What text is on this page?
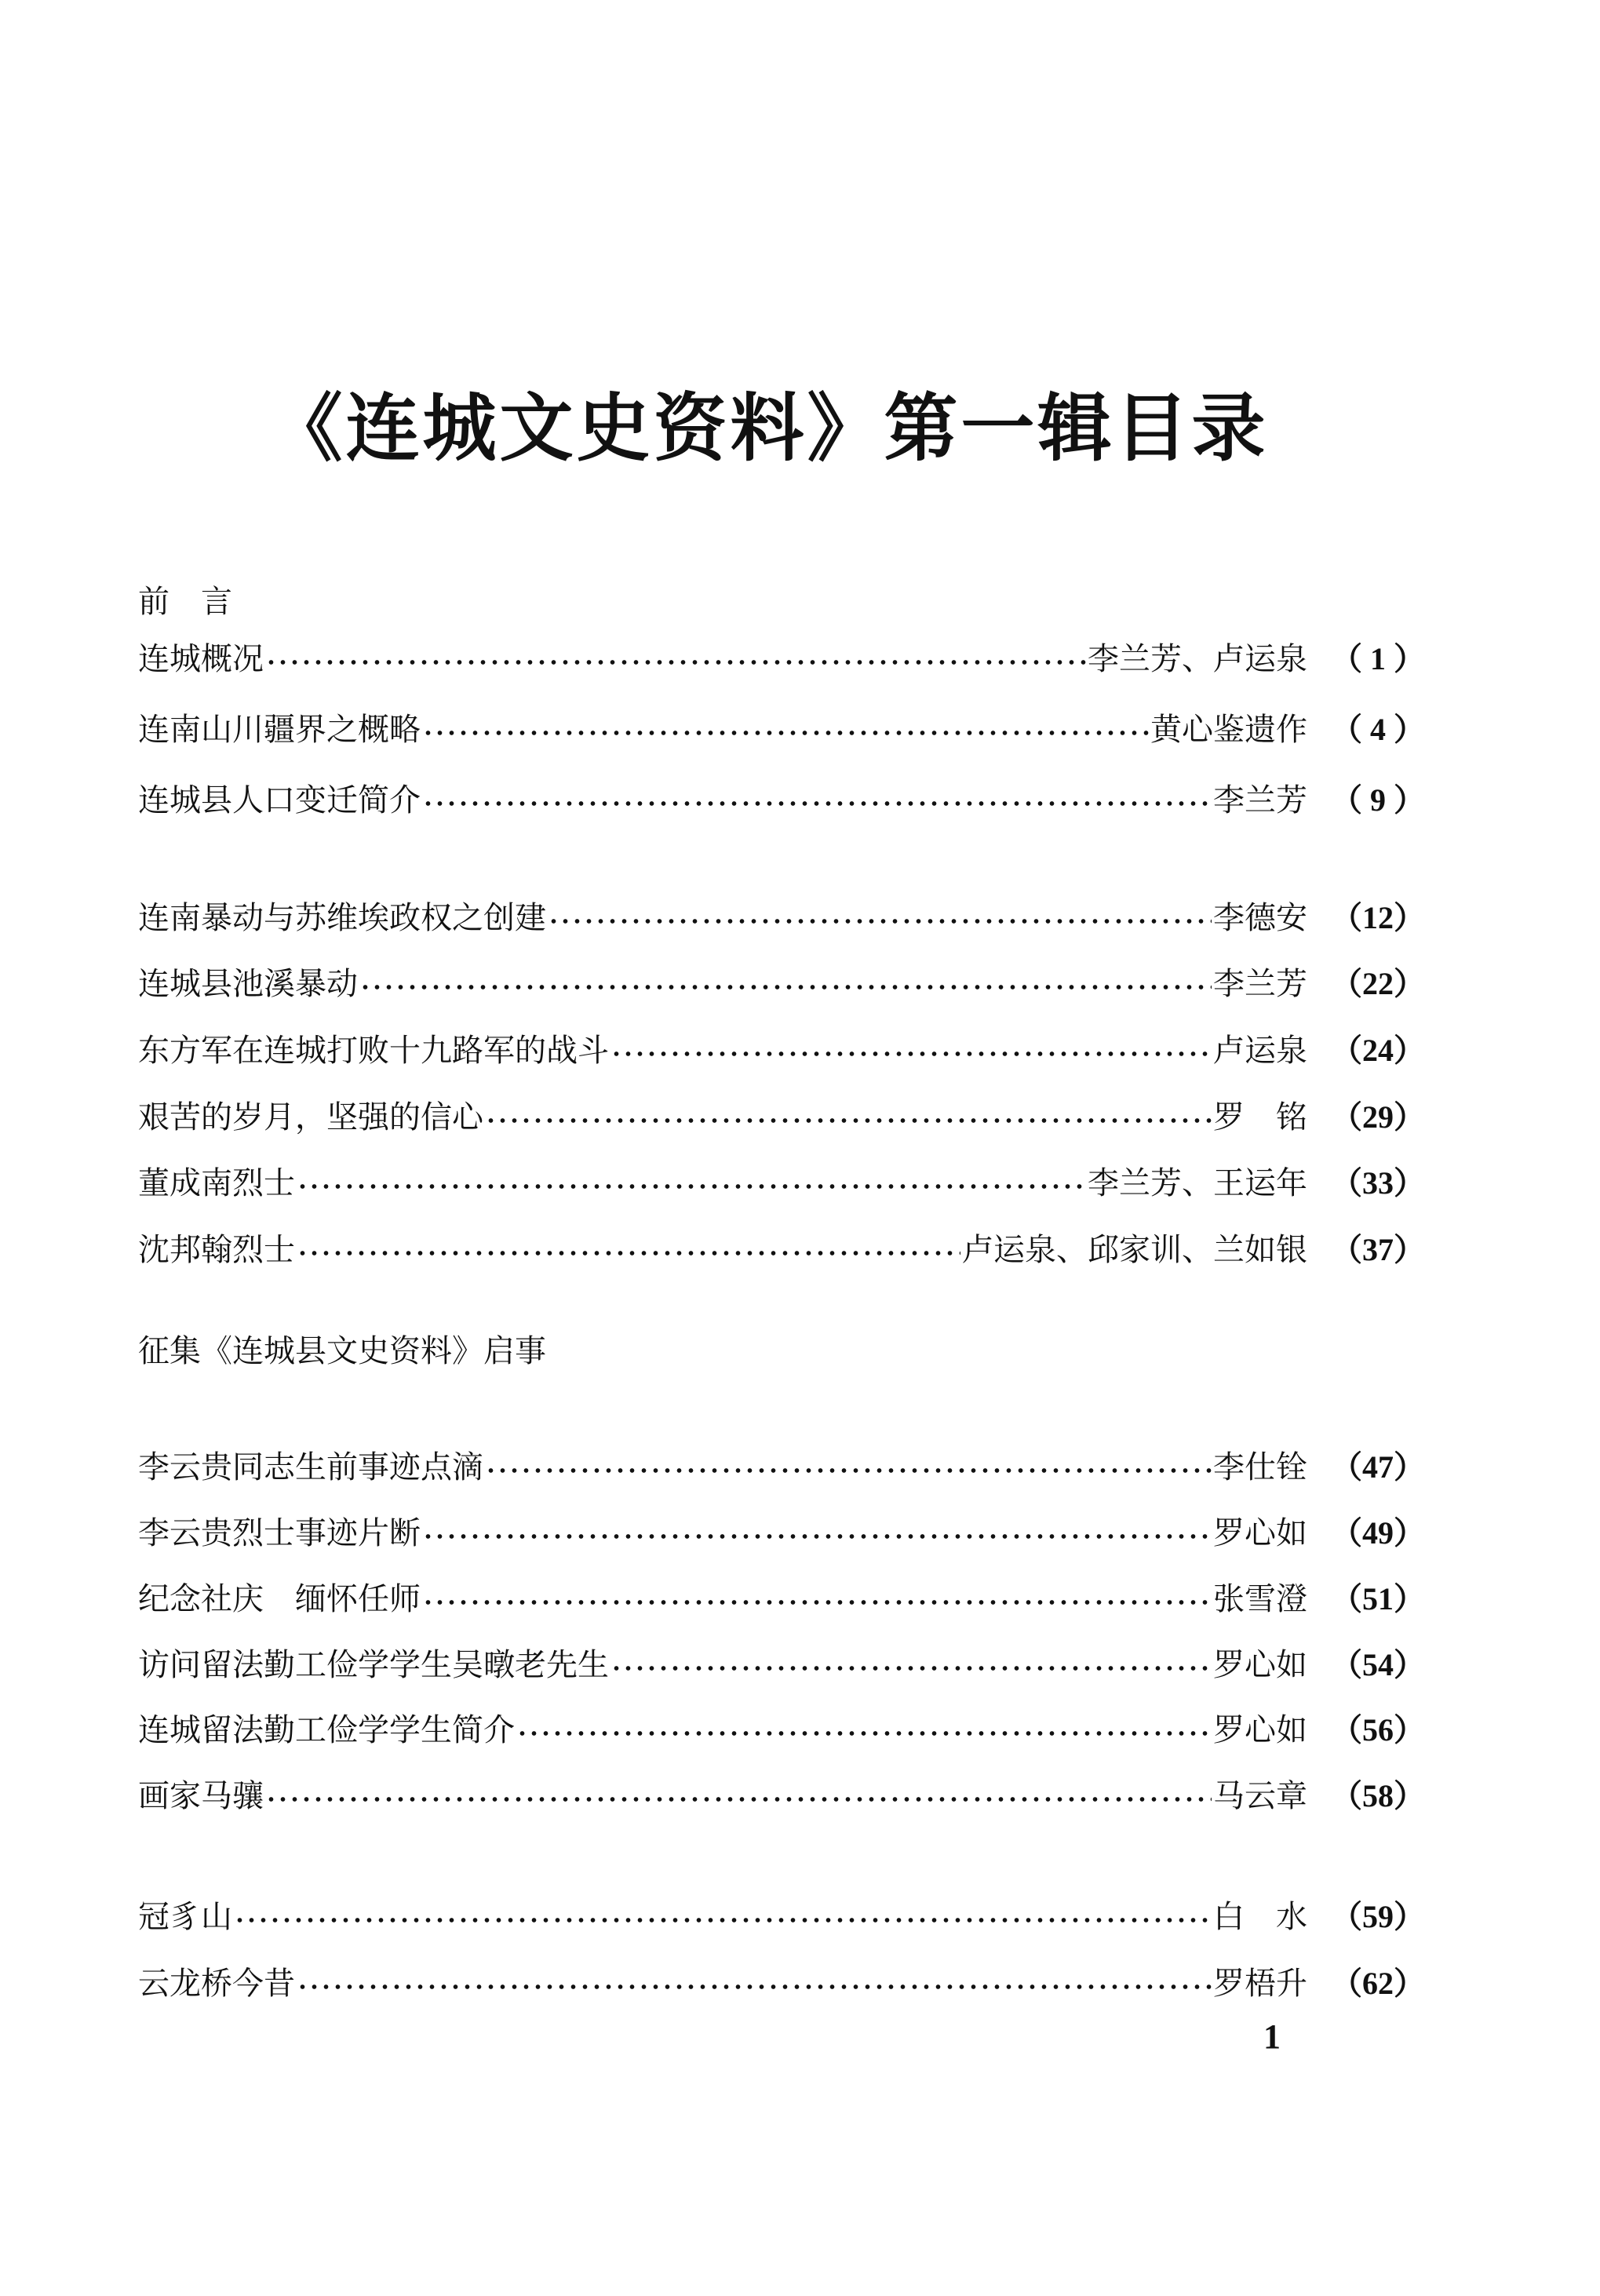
《连城文史资料》第一辑目录
前　言
连城概况	李兰芳、卢运泉 （ 1 ）
连南山川疆界之概略	黄心鉴遗作 （ 4 ）
连城县人口变迁简介	李兰芳 （ 9 ）
连南暴动与苏维埃政权之创建	李德安 （12）
连城县池溪暴动	李兰芳 （22）
东方军在连城打败十九路军的战斗	卢运泉 （24）
艰苦的岁月，坚强的信心	罗　铭 （29）
董成南烈士	李兰芳、王运年 （33）
沈邦翰烈士	卢运泉、邱家训、兰如银 （37）
征集《连城县文史资料》启事
李云贵同志生前事迹点滴	李仕铨 （47）
李云贵烈士事迹片断	罗心如 （49）
纪念社庆　缅怀任师	张雪澄 （51）
访问留法勤工俭学学生吴暾老先生	罗心如 （54）
连城留法勤工俭学学生简介	罗心如 （56）
画家马骧	马云章 （58）
冠豸山	白　水 （59）
云龙桥今昔	罗梧升 （62）
1
